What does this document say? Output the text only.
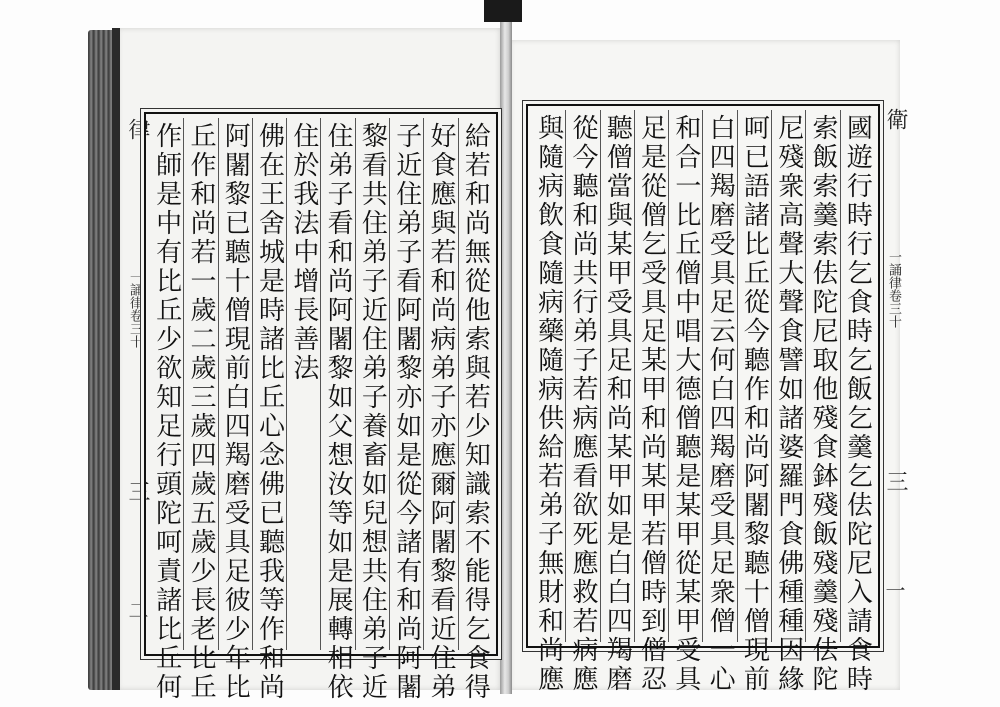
律
一誦律卷三十
三
二
衛
一誦律卷三十
三
一
給若和尚無從他索與若少知識索不能得乞食得
好食應與若和尚病弟子亦應爾阿闍黎看近住弟
子近住弟子看阿闍黎亦如是從今諸有和尚阿闍
黎看共住弟子近住弟子養畜如兒想共住弟子近
住弟子看和尚阿闍黎如父想汝等如是展轉相依
住於我法中增長善法
佛在王舍城是時諸比丘心念佛已聽我等作和尚
阿闍黎已聽十僧現前白四羯磨受具足彼少年比
丘作和尚若一歲二歲三歲四歲五歲少長老比丘
作師是中有比丘少欲知足行頭陀呵責諸比丘何	國遊行時行乞食時乞飯乞羹乞佉陀尼入請食時
索飯索羹索佉陀尼取他殘食鉢殘飯殘羹殘佉陀
尼殘衆高聲大聲食譬如諸婆羅門食佛種種因緣
呵已語諸比丘從今聽作和尚阿闍黎聽十僧現前
白四羯磨受具足云何白四羯磨受具足衆僧一心
和合一比丘僧中唱大德僧聽是某甲從某甲受具
足是從僧乞受具足某甲和尚某甲若僧時到僧忍
聽僧當與某甲受具足和尚某甲如是白白四羯磨
從今聽和尚共行弟子若病應看欲死應救若病應
與隨病飲食隨病藥隨病供給若弟子無財和尚應
